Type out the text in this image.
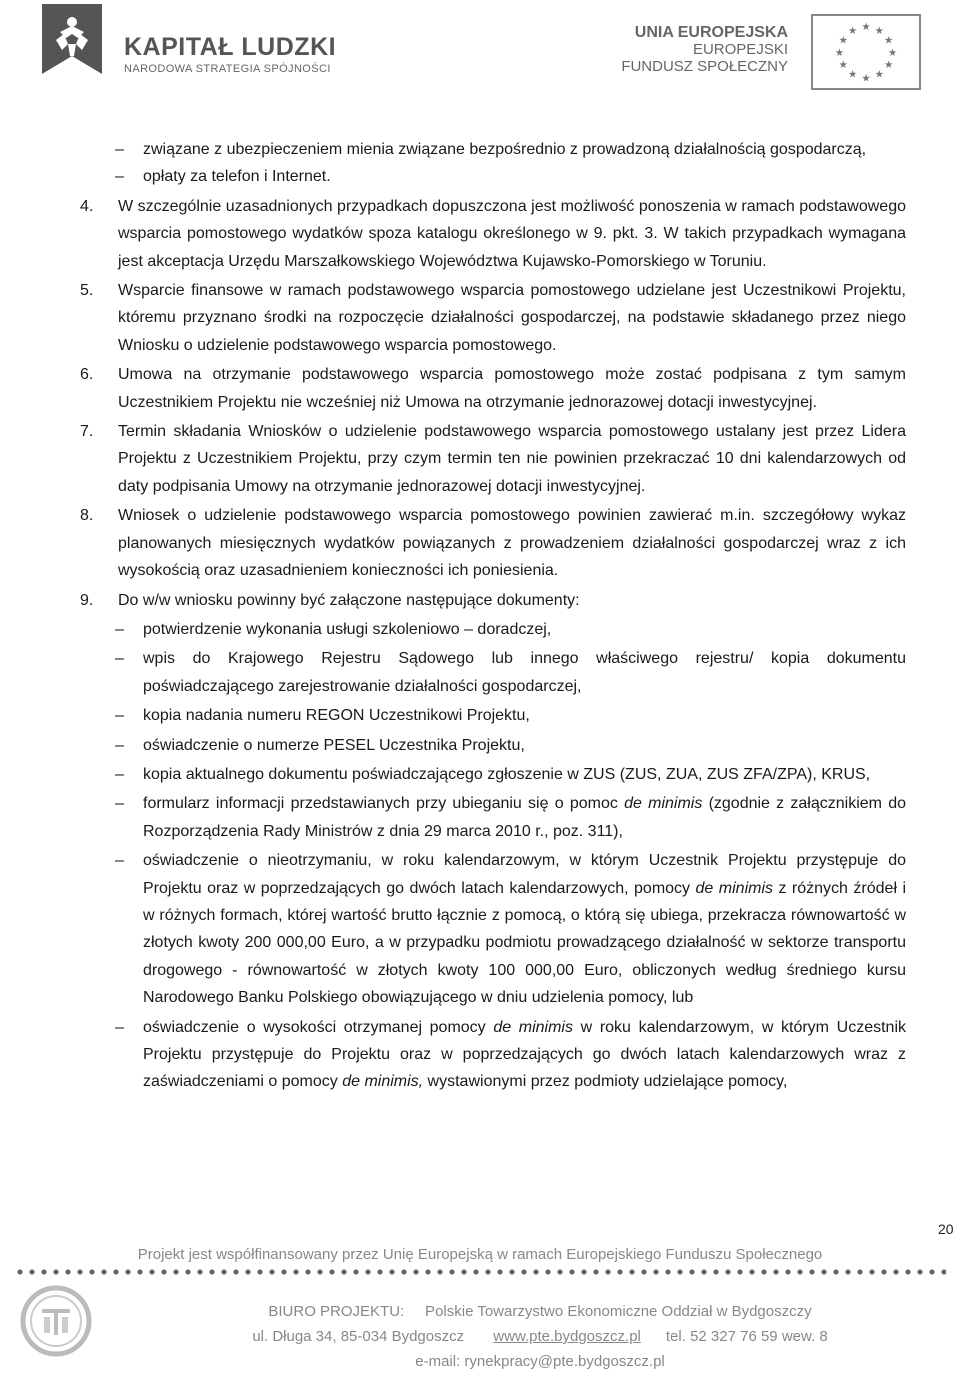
KAPITAŁ LUDZKI
NARODOWA STRATEGIA SPÓJNOŚCI
UNIA EUROPEJSKA
EUROPEJSKI
FUNDUSZ SPOŁECZNY
★ ★
★
★
★
★
★
★
★
★
★
★

– związane z ubezpieczeniem mienia związane bezpośrednio z prowadzoną działalnością gospodarczą,

– opłaty za telefon i Internet.

4. W szczególnie uzasadnionych przypadkach dopuszczona jest możliwość ponoszenia w ramach podstawowego wsparcia pomostowego wydatków spoza katalogu określonego w 9. pkt. 3. W takich przypadkach wymagana jest akceptacja Urzędu Marszałkowskiego Województwa Kujawsko-Pomorskiego w Toruniu.

5. Wsparcie finansowe w ramach podstawowego wsparcia pomostowego udzielane jest Uczestnikowi Projektu, któremu przyznano środki na rozpoczęcie działalności gospodarczej, na podstawie składanego przez niego Wniosku o udzielenie podstawowego wsparcia pomostowego.

6. Umowa na otrzymanie podstawowego wsparcia pomostowego może zostać podpisana z tym samym Uczestnikiem Projektu nie wcześniej niż Umowa na otrzymanie jednorazowej dotacji inwestycyjnej.

7. Termin składania Wniosków o udzielenie podstawowego wsparcia pomostowego ustalany jest przez Lidera Projektu z Uczestnikiem Projektu, przy czym termin ten nie powinien przekraczać 10 dni kalendarzowych od daty podpisania Umowy na otrzymanie jednorazowej dotacji inwestycyjnej.

8. Wniosek o udzielenie podstawowego wsparcia pomostowego powinien zawierać m.in. szczegółowy wykaz planowanych miesięcznych wydatków powiązanych z prowadzeniem działalności gospodarczej wraz z ich wysokością oraz uzasadnieniem konieczności ich poniesienia.

9. Do w/w wniosku powinny być załączone następujące dokumenty:

– potwierdzenie wykonania usługi szkoleniowo – doradczej,

– wpis do Krajowego Rejestru Sądowego lub innego właściwego rejestru/ kopia dokumentu poświadczającego zarejestrowanie działalności gospodarczej,

– kopia nadania numeru REGON Uczestnikowi Projektu,

– oświadczenie o numerze PESEL Uczestnika Projektu,

– kopia aktualnego dokumentu poświadczającego zgłoszenie w ZUS (ZUS, ZUA, ZUS ZFA/ZPA), KRUS,

– formularz informacji przedstawianych przy ubieganiu się o pomoc de minimis (zgodnie z załącznikiem do Rozporządzenia Rady Ministrów z dnia 29 marca 2010 r., poz. 311),

– oświadczenie o nieotrzymaniu, w roku kalendarzowym, w którym Uczestnik Projektu przystępuje do Projektu oraz w poprzedzających go dwóch latach kalendarzowych, pomocy de minimis z różnych źródeł i w różnych formach, której wartość brutto łącznie z pomocą, o którą się ubiega, przekracza równowartość w złotych kwoty 200 000,00 Euro, a w przypadku podmiotu prowadzącego działalność w sektorze transportu drogowego - równowartość w złotych kwoty 100 000,00 Euro, obliczonych według średniego kursu Narodowego Banku Polskiego obowiązującego w dniu udzielenia pomocy, lub

– oświadczenie o wysokości otrzymanej pomocy de minimis w roku kalendarzowym, w którym Uczestnik Projektu przystępuje do Projektu oraz w poprzedzających go dwóch latach kalendarzowych wraz z zaświadczeniami o pomocy de minimis, wystawionymi przez podmioty udzielające pomocy,

20
Projekt jest współfinansowany przez Unię Europejską w ramach Europejskiego Funduszu Społecznego
BIURO PROJEKTU:     Polskie Towarzystwo Ekonomiczne Oddział w Bydgoszczy
ul. Długa 34, 85-034 Bydgoszcz www.pte.bydgoszcz.pl tel. 52 327 76 59 wew. 8
e-mail: rynekpracy@pte.bydgoszcz.pl
